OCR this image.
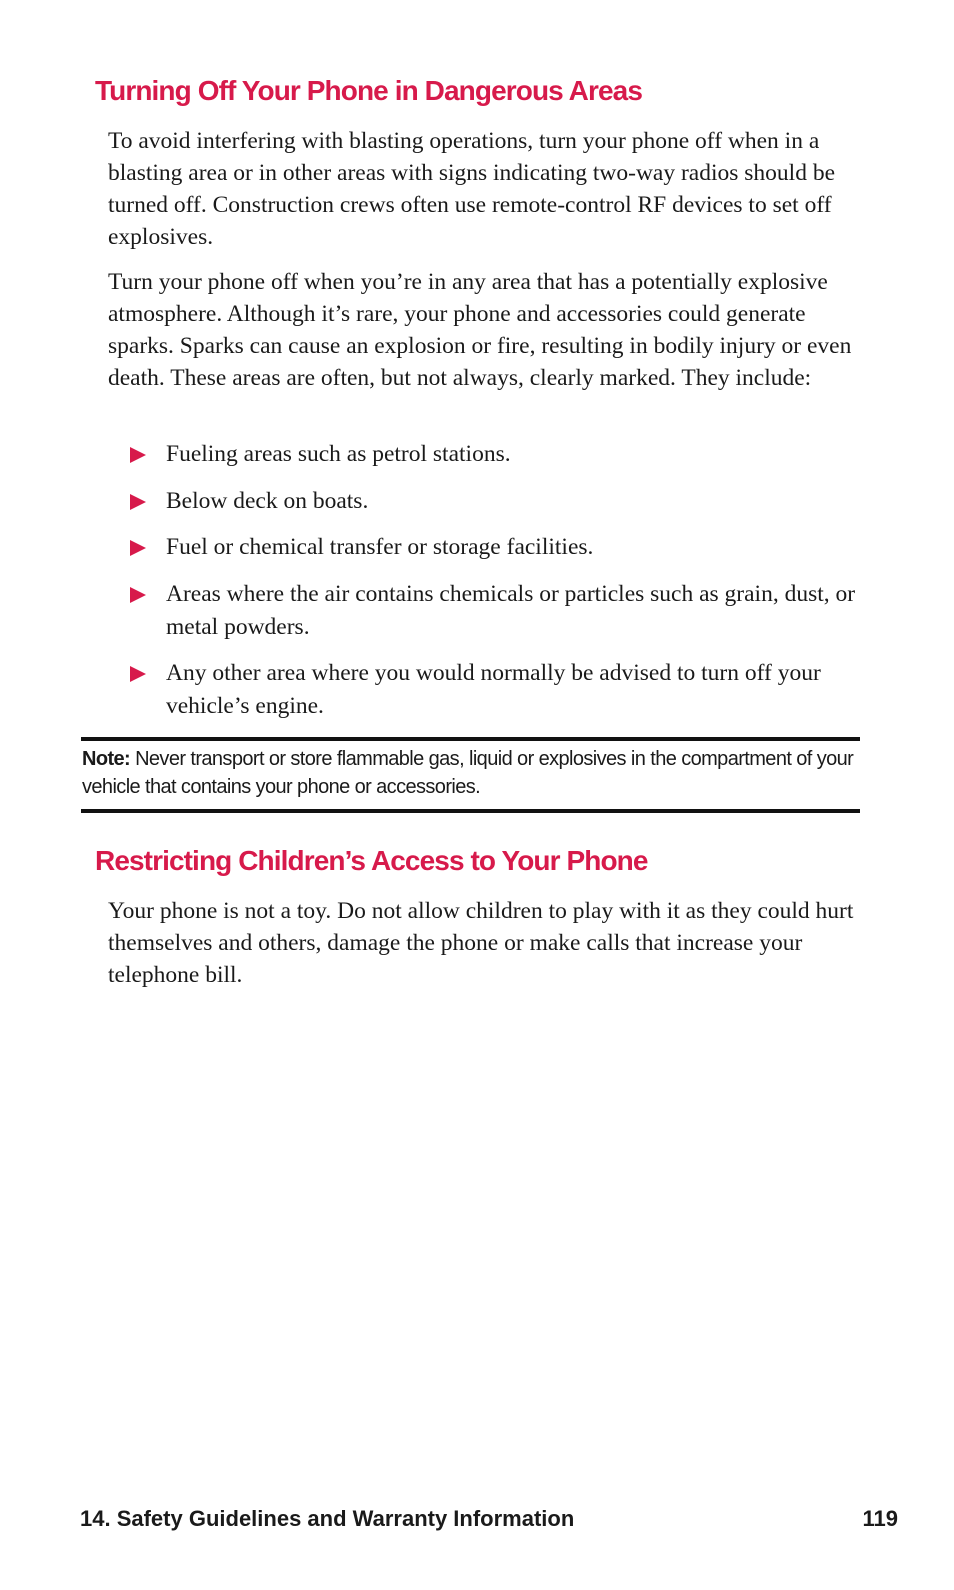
Turning Off Your Phone in Dangerous Areas

To avoid interfering with blasting operations, turn your phone off when in a blasting area or in other areas with signs indicating two-way radios should be turned off. Construction crews often use remote-control RF devices to set off explosives.

Turn your phone off when you’re in any area that has a potentially explosive atmosphere. Although it’s rare, your phone and accessories could generate sparks. Sparks can cause an explosion or fire, resulting in bodily injury or even death. These areas are often, but not always, clearly marked. They include:

Fueling areas such as petrol stations.
Below deck on boats.
Fuel or chemical transfer or storage facilities.
Areas where the air contains chemicals or particles such as grain, dust, or metal powders.
Any other area where you would normally be advised to turn off your vehicle’s engine.

Note: Never transport or store flammable gas, liquid or explosives in the compartment of your vehicle that contains your phone or accessories.

Restricting Children’s Access to Your Phone

Your phone is not a toy. Do not allow children to play with it as they could hurt themselves and others, damage the phone or make calls that increase your telephone bill.

14. Safety Guidelines and Warranty Information	119
